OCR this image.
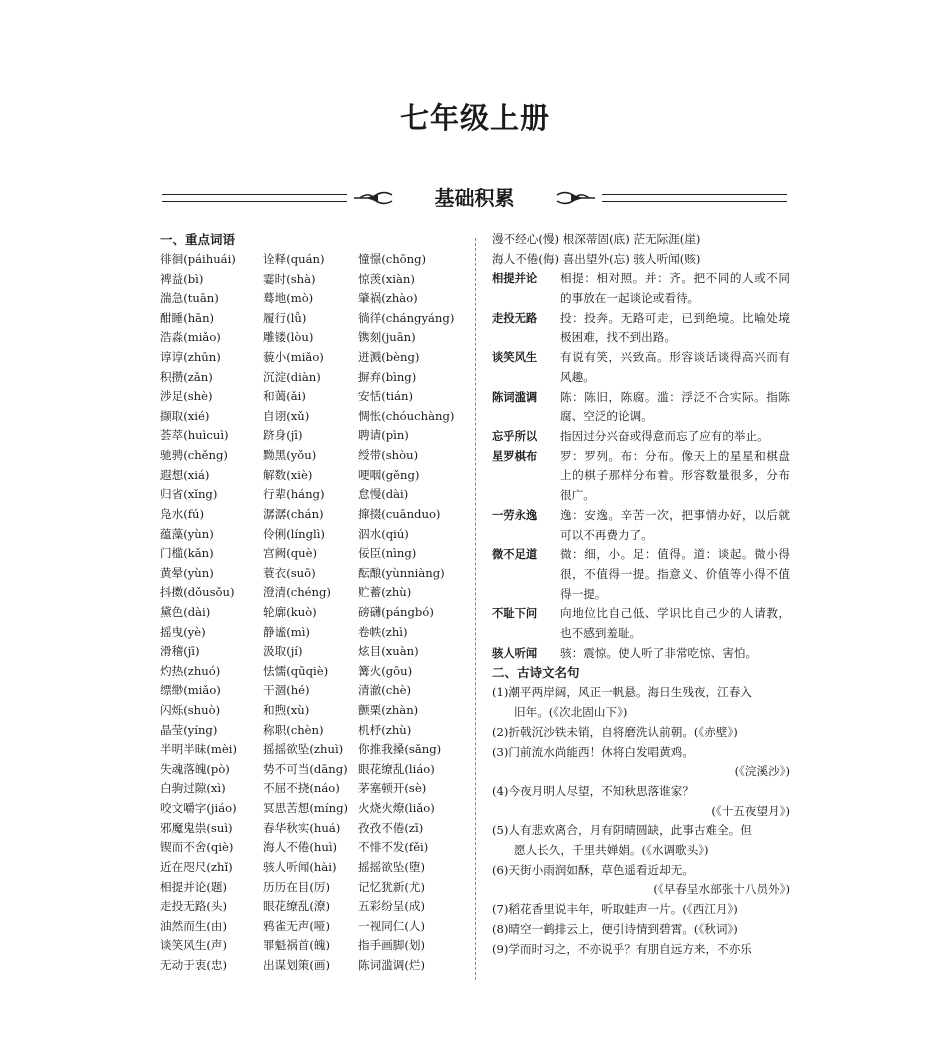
七年级上册
基础积累
一、重点词语
徘徊(páihuái)	诠释(quán)	憧憬(chōng)
裨益(bì)	霎时(shà)	惊羡(xiàn)
湍急(tuān)	蓦地(mò)	肇祸(zhào)
酣睡(hān)	履行(lǚ)	徜徉(chángyáng)
浩淼(miǎo)	雕镂(lòu)	镌刻(juān)
谆谆(zhūn)	藐小(miǎo)	迸溅(bèng)
积攒(zǎn)	沉淀(diàn)	摒弃(bìng)
涉足(shè)	和蔼(ǎi)	安恬(tián)
撷取(xié)	自诩(xǔ)	惆怅(chóuchàng)
荟萃(huìcuì)	跻身(jī)	聘请(pìn)
驰骋(chěng)	黝黑(yǒu)	绶带(shòu)
遐想(xiá)	解数(xiè)	哽咽(gěng)
归省(xǐng)	行辈(háng)	怠慢(dài)
凫水(fú)	潺潺(chán)	撺掇(cuānduo)
蕴藻(yùn)	伶俐(línglì)	泅水(qiú)
门槛(kǎn)	宫阙(què)	佞臣(nìng)
黄晕(yùn)	蓑衣(suō)	酝酿(yùnniàng)
抖擞(dǒusǒu)	澄清(chéng)	贮蓄(zhù)
黛色(dài)	轮廓(kuò)	磅礴(pángbó)
摇曳(yè)	静谧(mì)	卷帙(zhì)
滑稽(jī)	汲取(jí)	炫目(xuàn)
灼热(zhuó)	怯懦(qūqiè)	篝火(gōu)
缥缈(miǎo)	干涸(hé)	清澈(chè)
闪烁(shuò)	和煦(xù)	颤栗(zhàn)
晶莹(yíng)	称职(chèn)	机杼(zhù)
半明半昧(mèi)	摇摇欲坠(zhuì)	你推我搡(sǎng)
失魂落魄(pò)	势不可当(dāng) 眼花缭乱(liáo)
白驹过隙(xì)	不屈不挠(náo)	茅塞顿开(sè)
咬文嚼字(jiáo)	冥思苦想(míng) 火烧火燎(liǎo)
邪魔鬼祟(suì)	春华秋实(huá)	孜孜不倦(zī)
锲而不舍(qiè)	海人不倦(huì)	不悱不发(fěi)
近在咫尺(zhǐ)	骇人听闻(hài)	摇摇欲坠(堕)
相提并论(题)	历历在目(厉)	记忆犹新(尤)
走投无路(头)	眼花缭乱(潦)	五彩纷呈(成)
油然而生(由)	鸦雀无声(哑)	一视同仁(人)
谈笑风生(声)	罪魁祸首(魄)	指手画脚(划)
无动于衷(忠)	出谋划策(画)	陈词滥调(烂)
漫不经心(慢) 根深蒂固(底) 茫无际涯(崖)
海人不倦(侮) 喜出望外(忘) 骇人听闻(赅)
相提并论	相提：相对照。并：齐。把不同的人或不同的事放在一起谈论或看待。
走投无路	投：投奔。无路可走，已到绝境。比喻处境极困难，找不到出路。
谈笑风生	有说有笑，兴致高。形容谈话谈得高兴而有风趣。
陈词滥调	陈：陈旧，陈腐。滥：浮泛不合实际。指陈腐、空泛的论调。
忘乎所以	指因过分兴奋或得意而忘了应有的举止。
星罗棋布	罗：罗列。布：分布。像天上的星星和棋盘上的棋子那样分布着。形容数量很多，分布很广。
一劳永逸	逸：安逸。辛苦一次，把事情办好，以后就可以不再费力了。
微不足道	微：细，小。足：值得。道：谈起。微小得很，不值得一提。指意义、价值等小得不值得一提。
不耻下问	向地位比自己低、学识比自己少的人请教，也不感到羞耻。
骇人听闻	骇：震惊。使人听了非常吃惊、害怕。
二、古诗文名句
(1)潮平两岸阔，风正一帆悬。海日生残夜，江春入
旧年。(《次北固山下》)
(2)折戟沉沙铁未销，自将磨洗认前朝。(《赤壁》)
(3)门前流水尚能西！休将白发唱黄鸡。
(《浣溪沙》)
(4)今夜月明人尽望，不知秋思落谁家？
(《十五夜望月》)
(5)人有悲欢离合，月有阴晴圆缺，此事古难全。但
愿人长久，千里共婵娟。(《水调歌头》)
(6)天街小雨润如酥，草色遥看近却无。
(《早春呈水部张十八员外》)
(7)稻花香里说丰年，听取蛙声一片。(《西江月》)
(8)晴空一鹤排云上，便引诗情到碧霄。(《秋词》)
(9)学而时习之，不亦说乎？有朋自远方来，不亦乐
